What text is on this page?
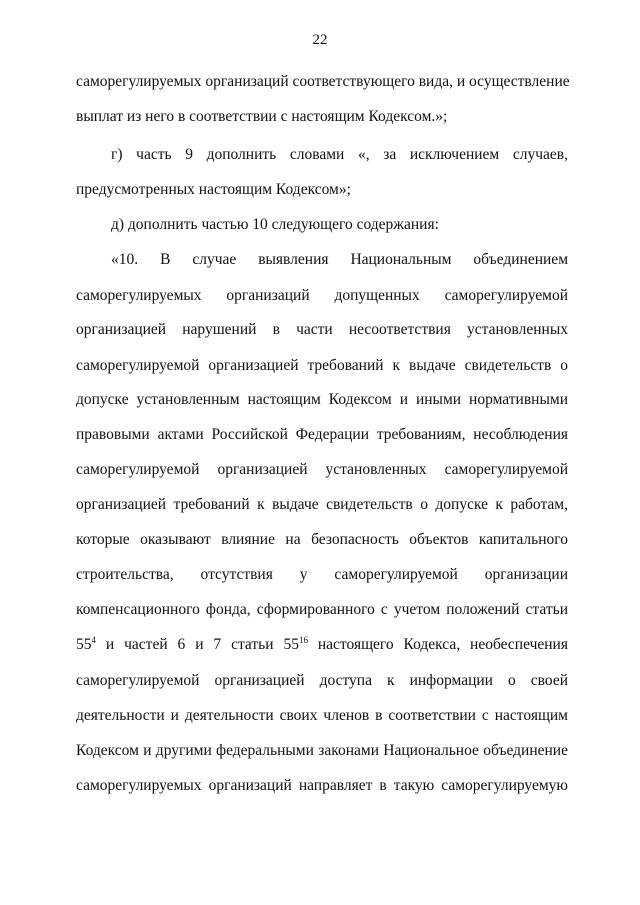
22
саморегулируемых организаций соответствующего вида, и осуществление
выплат из него в соответствии с настоящим Кодексом.»;
г) часть 9 дополнить словами «, за исключением случаев,
предусмотренных настоящим Кодексом»;
д) дополнить частью 10 следующего содержания:
«10. В случае выявления Национальным объединением
саморегулируемых организаций допущенных саморегулируемой
организацией нарушений в части несоответствия установленных
саморегулируемой организацией требований к выдаче свидетельств о
допуске установленным настоящим Кодексом и иными нормативными
правовыми актами Российской Федерации требованиям, несоблюдения
саморегулируемой организацией установленных саморегулируемой
организацией требований к выдаче свидетельств о допуске к работам,
которые оказывают влияние на безопасность объектов капитального
строительства, отсутствия у саморегулируемой организации
компенсационного фонда, сформированного с учетом положений статьи
$55^4$ и частей 6 и 7 статьи $55^{16}$ настоящего Кодекса, необеспечения
саморегулируемой организацией доступа к информации о своей
деятельности и деятельности своих членов в соответствии с настоящим
Кодексом и другими федеральными законами Национальное объединение
саморегулируемых организаций направляет в такую саморегулируемую
